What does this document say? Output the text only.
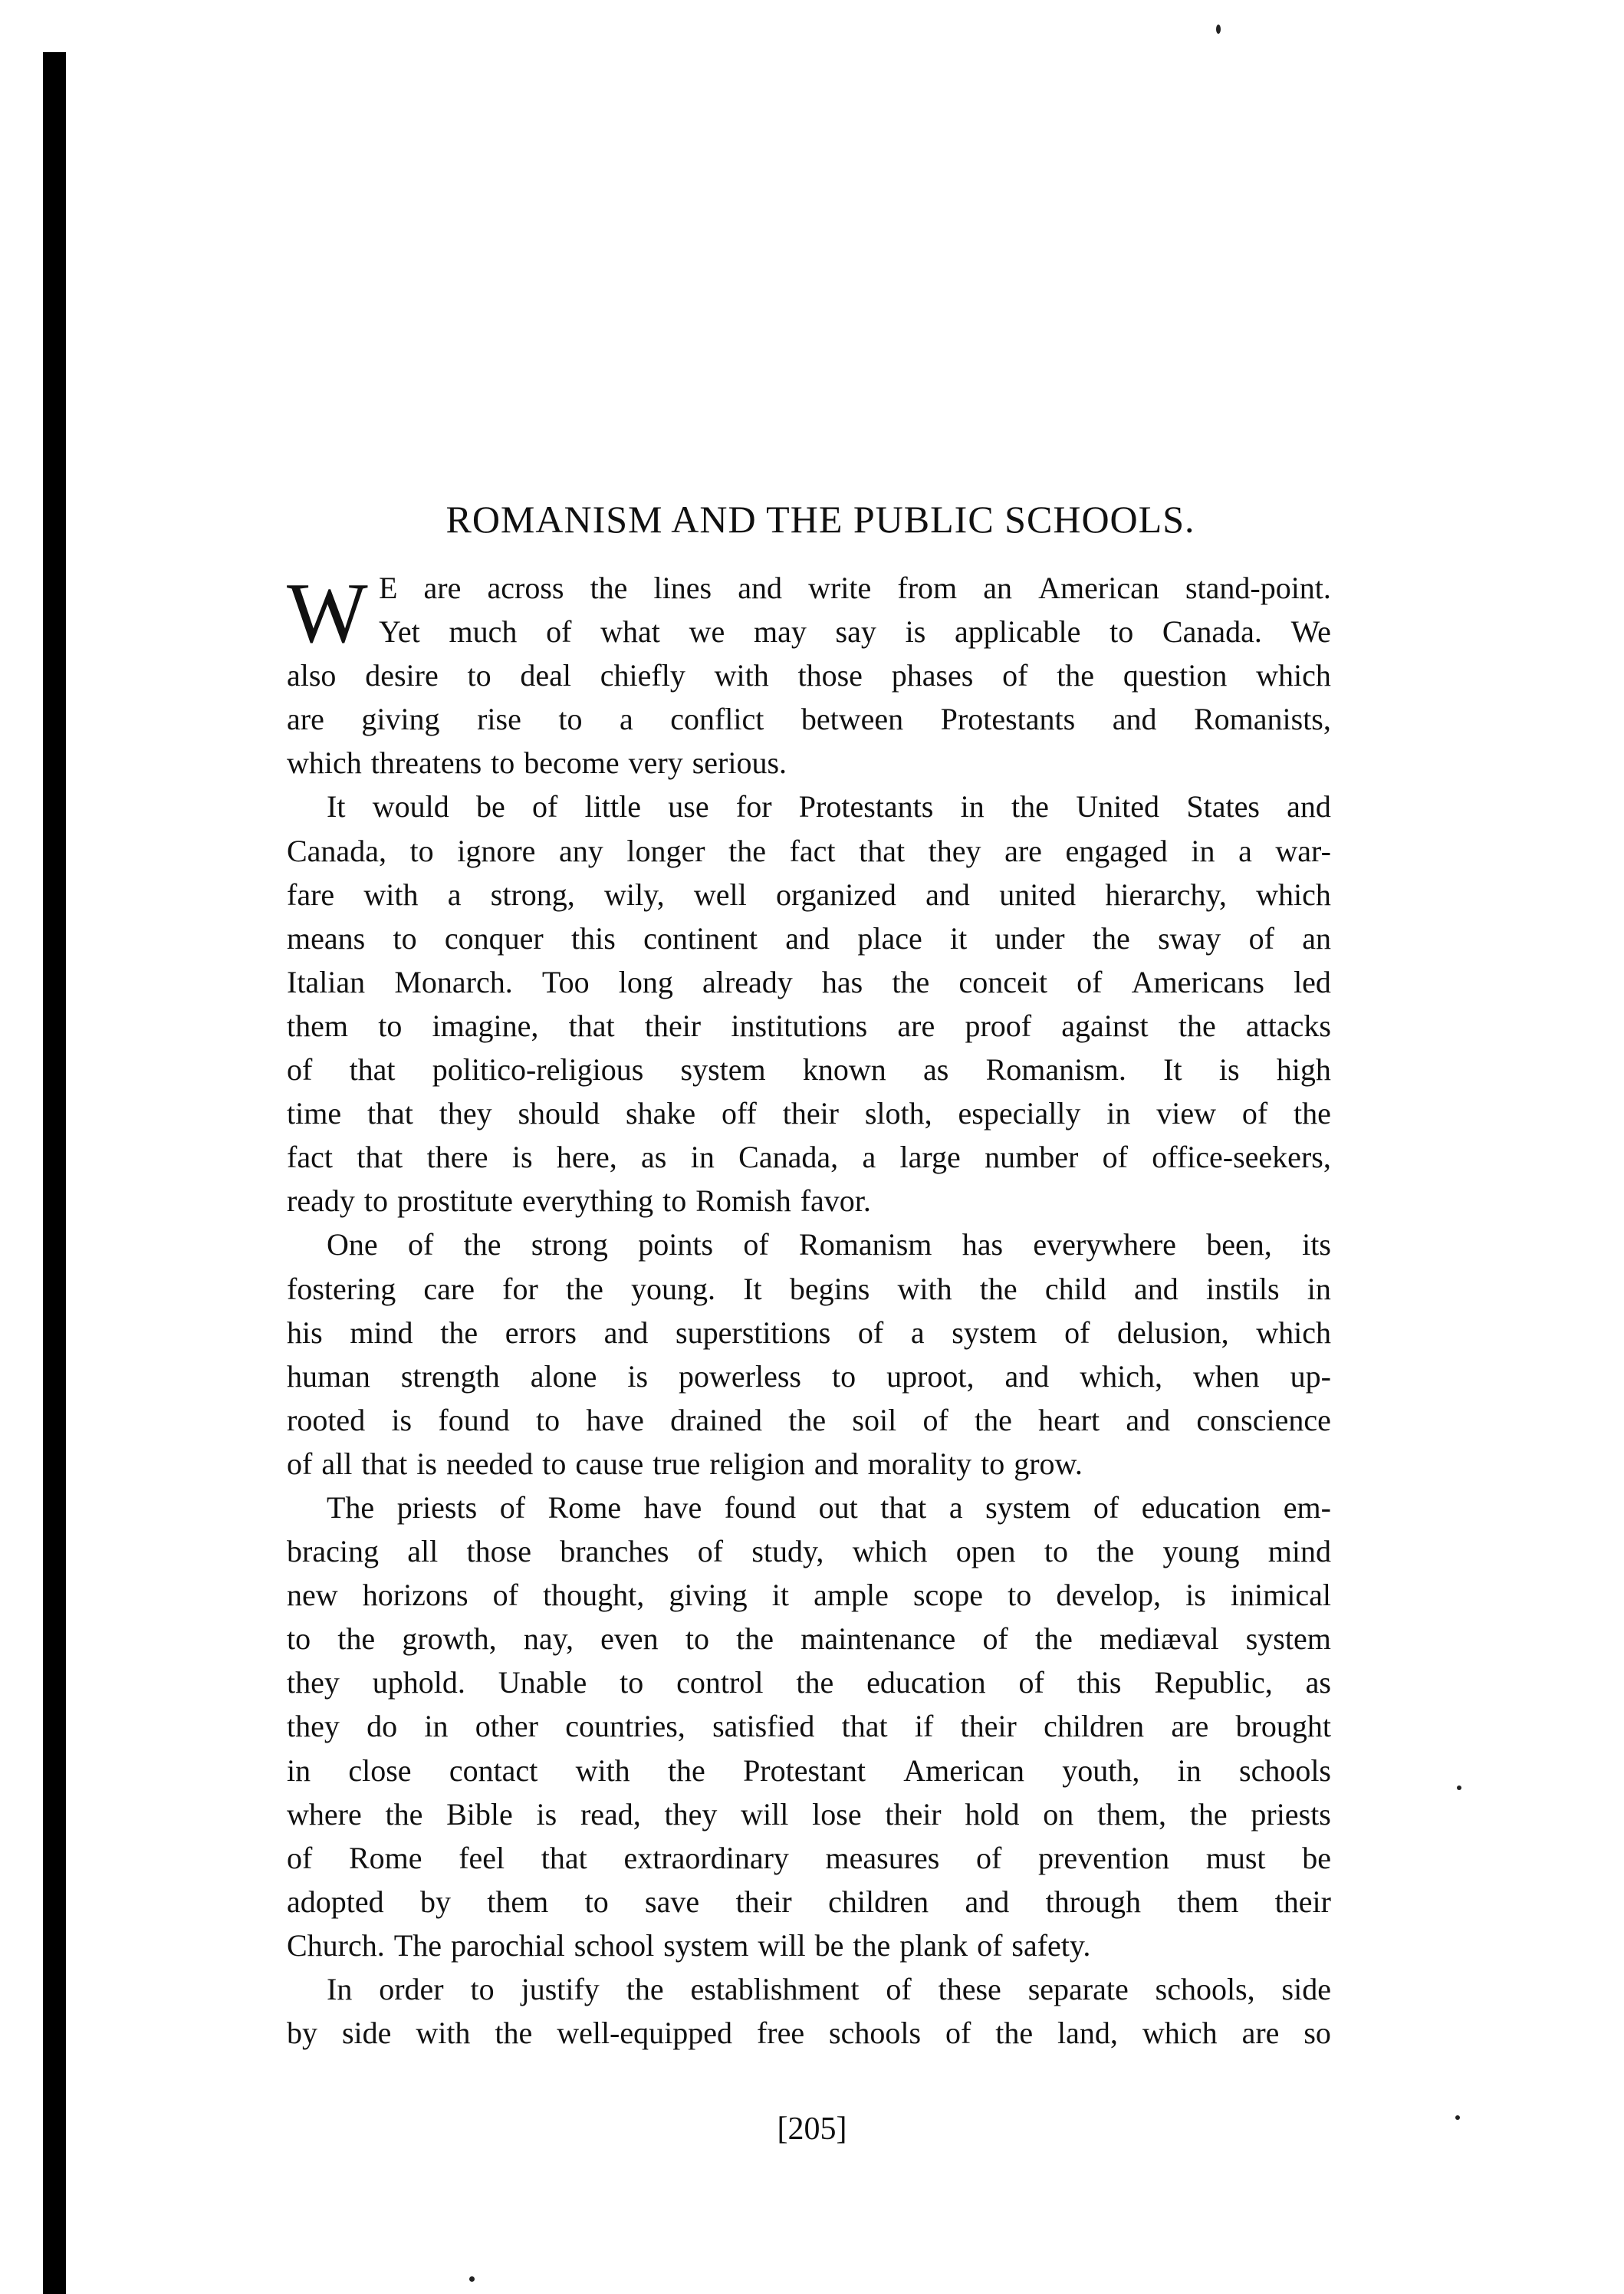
ROMANISM AND THE PUBLIC SCHOOLS.

W E are across the lines and write from an American stand-point.
Yet much of what we may say is applicable to Canada. We
also desire to deal chiefly with those phases of the question which
are giving rise to a conflict between Protestants and Romanists,
which threatens to become very serious.
It would be of little use for Protestants in the United States and
Canada, to ignore any longer the fact that they are engaged in a war-
fare with a strong, wily, well organized and united hierarchy, which
means to conquer this continent and place it under the sway of an
Italian Monarch. Too long already has the conceit of Americans led
them to imagine, that their institutions are proof against the attacks
of that politico-religious system known as Romanism. It is high
time that they should shake off their sloth, especially in view of the
fact that there is here, as in Canada, a large number of office-seekers,
ready to prostitute everything to Romish favor.
One of the strong points of Romanism has everywhere been, its
fostering care for the young. It begins with the child and instils in
his mind the errors and superstitions of a system of delusion, which
human strength alone is powerless to uproot, and which, when up-
rooted is found to have drained the soil of the heart and conscience
of all that is needed to cause true religion and morality to grow.
The priests of Rome have found out that a system of education em-
bracing all those branches of study, which open to the young mind
new horizons of thought, giving it ample scope to develop, is inimical
to the growth, nay, even to the maintenance of the mediæval system
they uphold. Unable to control the education of this Republic, as
they do in other countries, satisfied that if their children are brought
in close contact with the Protestant American youth, in schools
where the Bible is read, they will lose their hold on them, the priests
of Rome feel that extraordinary measures of prevention must be
adopted by them to save their children and through them their
Church. The parochial school system will be the plank of safety.
In order to justify the establishment of these separate schools, side
by side with the well-equipped free schools of the land, which are so

[205]
